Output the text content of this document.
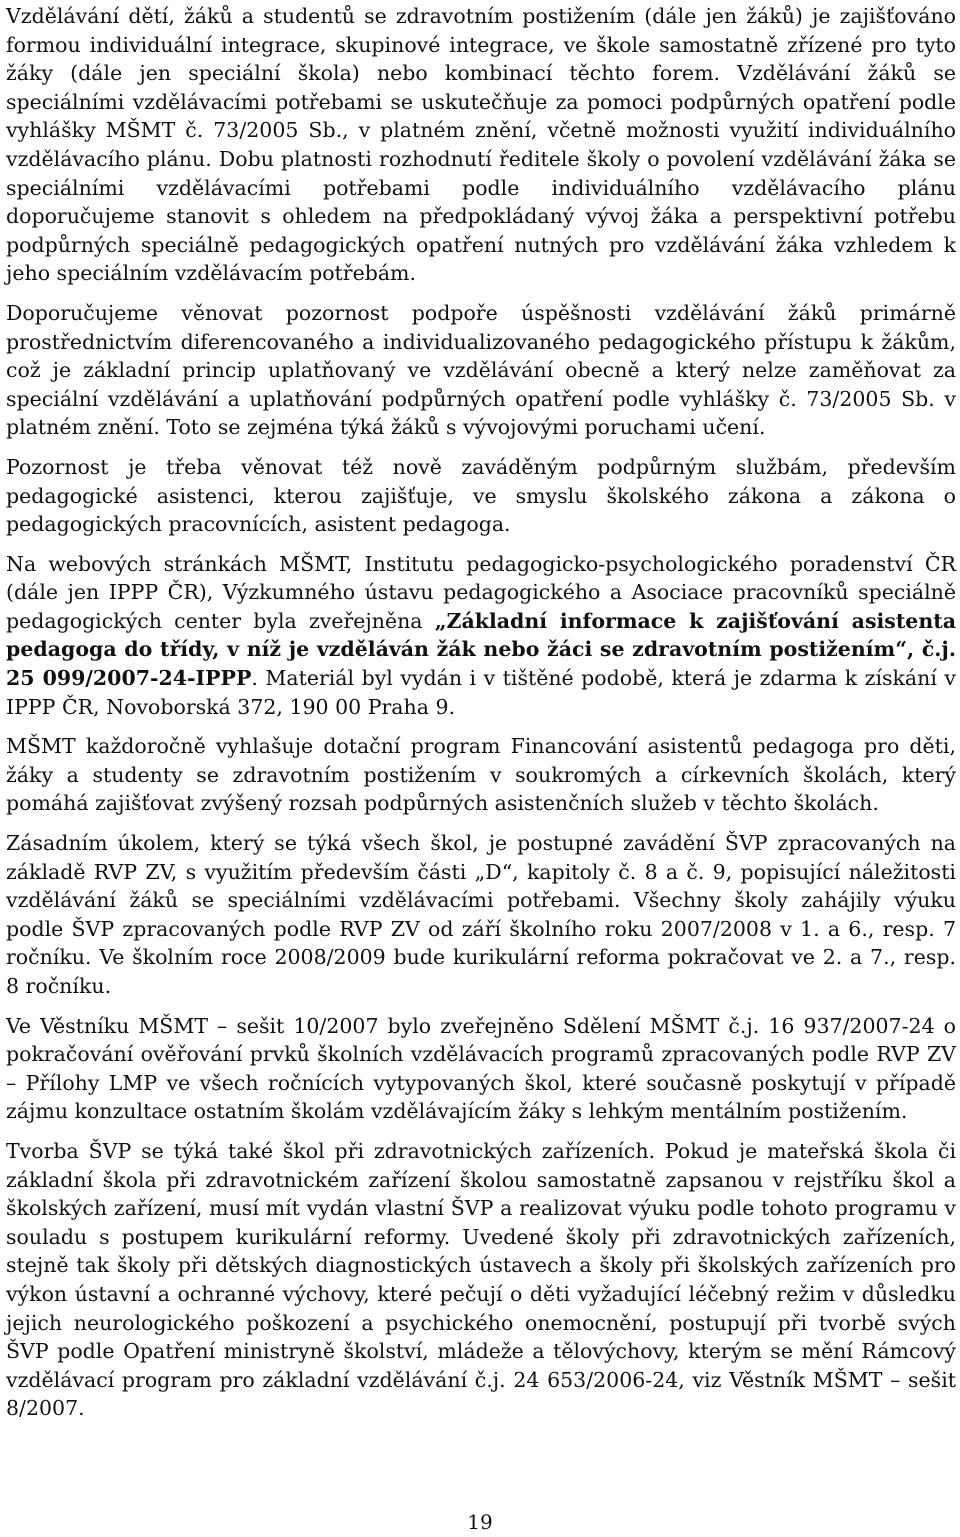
Vzdělávání dětí, žáků a studentů se zdravotním postižením (dále jen žáků) je zajišťováno formou individuální integrace, skupinové integrace, ve škole samostatně zřízené pro tyto žáky (dále jen speciální škola) nebo kombinací těchto forem. Vzdělávání žáků se speciálními vzdělávacími potřebami se uskutečňuje za pomoci podpůrných opatření podle vyhlášky MŠMT č. 73/2005 Sb., v platném znění, včetně možnosti využití individuálního vzdělávacího plánu. Dobu platnosti rozhodnutí ředitele školy o povolení vzdělávání žáka se speciálními vzdělávacími potřebami podle individuálního vzdělávacího plánu doporučujeme stanovit s ohledem na předpokládaný vývoj žáka a perspektivní potřebu podpůrných speciálně pedagogických opatření nutných pro vzdělávání žáka vzhledem k jeho speciálním vzdělávacím potřebám.

Doporučujeme věnovat pozornost podpoře úspěšnosti vzdělávání žáků primárně prostřednictvím diferencovaného a individualizovaného pedagogického přístupu k žákům, což je základní princip uplatňovaný ve vzdělávání obecně a který nelze zaměňovat za speciální vzdělávání a uplatňování podpůrných opatření podle vyhlášky č. 73/2005 Sb. v platném znění. Toto se zejména týká žáků s vývojovými poruchami učení.

Pozornost je třeba věnovat též nově zaváděným podpůrným službám, především pedagogické asistenci, kterou zajišťuje, ve smyslu školského zákona a zákona o pedagogických pracovnících, asistent pedagoga.

Na webových stránkách MŠMT, Institutu pedagogicko-psychologického poradenství ČR (dále jen IPPP ČR), Výzkumného ústavu pedagogického a Asociace pracovníků speciálně pedagogických center byla zveřejněna „Základní informace k zajišťování asistenta pedagoga do třídy, v níž je vzděláván žák nebo žáci se zdravotním postižením“, č.j. 25 099/2007-24-IPPP. Materiál byl vydán i v tištěné podobě, která je zdarma k získání v IPPP ČR, Novoborská 372, 190 00 Praha 9.

MŠMT každoročně vyhlašuje dotační program Financování asistentů pedagoga pro děti, žáky a studenty se zdravotním postižením v soukromých a církevních školách, který pomáhá zajišťovat zvýšený rozsah podpůrných asistenčních služeb v těchto školách.

Zásadním úkolem, který se týká všech škol, je postupné zavádění ŠVP zpracovaných na základě RVP ZV, s využitím především části „D“, kapitoly č. 8 a č. 9, popisující náležitosti vzdělávání žáků se speciálními vzdělávacími potřebami. Všechny školy zahájily výuku podle ŠVP zpracovaných podle RVP ZV od září školního roku 2007/2008 v 1. a 6., resp. 7 ročníku. Ve školním roce 2008/2009 bude kurikulární reforma pokračovat ve 2. a 7., resp. 8 ročníku.

Ve Věstníku MŠMT – sešit 10/2007 bylo zveřejněno Sdělení MŠMT č.j. 16 937/2007-24 o pokračování ověřování prvků školních vzdělávacích programů zpracovaných podle RVP ZV – Přílohy LMP ve všech ročnících vytypovaných škol, které současně poskytují v případě zájmu konzultace ostatním školám vzdělávajícím žáky s lehkým mentálním postižením.

Tvorba ŠVP se týká také škol při zdravotnických zařízeních. Pokud je mateřská škola či základní škola při zdravotnickém zařízení školou samostatně zapsanou v rejstříku škol a školských zařízení, musí mít vydán vlastní ŠVP a realizovat výuku podle tohoto programu v souladu s postupem kurikulární reformy. Uvedené školy při zdravotnických zařízeních, stejně tak školy při dětských diagnostických ústavech a školy při školských zařízeních pro výkon ústavní a ochranné výchovy, které pečují o děti vyžadující léčebný režim v důsledku jejich neurologického poškození a psychického onemocnění, postupují při tvorbě svých ŠVP podle Opatření ministryně školství, mládeže a tělovýchovy, kterým se mění Rámcový vzdělávací program pro základní vzdělávání č.j. 24 653/2006-24, viz Věstník MŠMT – sešit 8/2007.

19
